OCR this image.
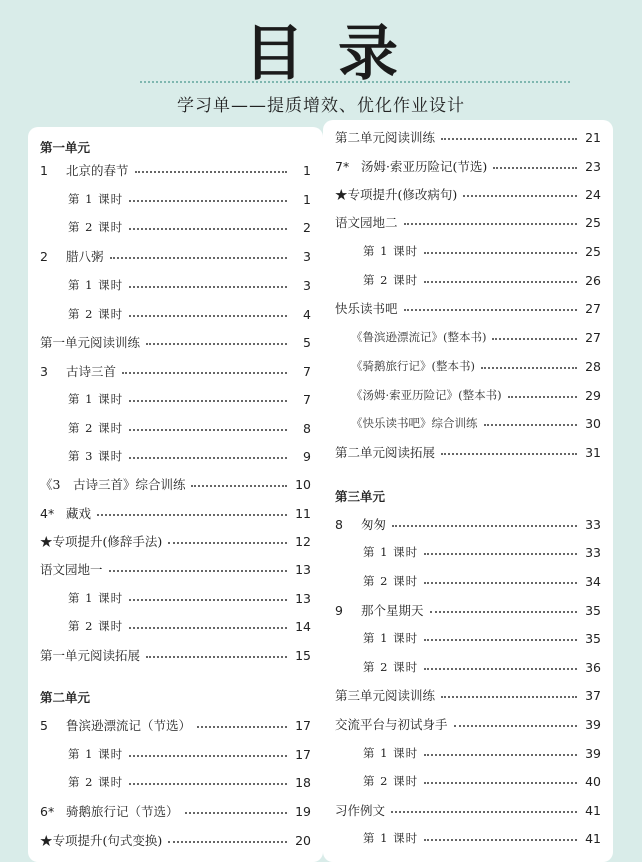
目录
学习单——提质增效、优化作业设计
第一单元
1 北京的春节	1
第 1 课时	1
第 2 课时	2
2 腊八粥	3
第 1 课时	3
第 2 课时	4
第一单元阅读训练	5
3 古诗三首	7
第 1 课时	7
第 2 课时	8
第 3 课时	9
《3　古诗三首》综合训练	10
4* 藏戏	11
★专项提升(修辞手法)	12
语文园地一	13
第 1 课时	13
第 2 课时	14
第一单元阅读拓展	15
第二单元
5 鲁滨逊漂流记（节选）	17
第 1 课时	17
第 2 课时	18
6* 骑鹅旅行记（节选）	19
★专项提升(句式变换)	20
第二单元阅读训练	21
7* 汤姆·索亚历险记(节选)	23
★专项提升(修改病句)	24
语文园地二	25
第 1 课时	25
第 2 课时	26
快乐读书吧	27
《鲁滨逊漂流记》(整本书)	27
《骑鹅旅行记》(整本书)	28
《汤姆·索亚历险记》(整本书)	29
《快乐读书吧》综合训练	30
第二单元阅读拓展	31
第三单元
8 匆匆	33
第 1 课时	33
第 2 课时	34
9 那个星期天	35
第 1 课时	35
第 2 课时	36
第三单元阅读训练	37
交流平台与初试身手	39
第 1 课时	39
第 2 课时	40
习作例文	41
第 1 课时	41
